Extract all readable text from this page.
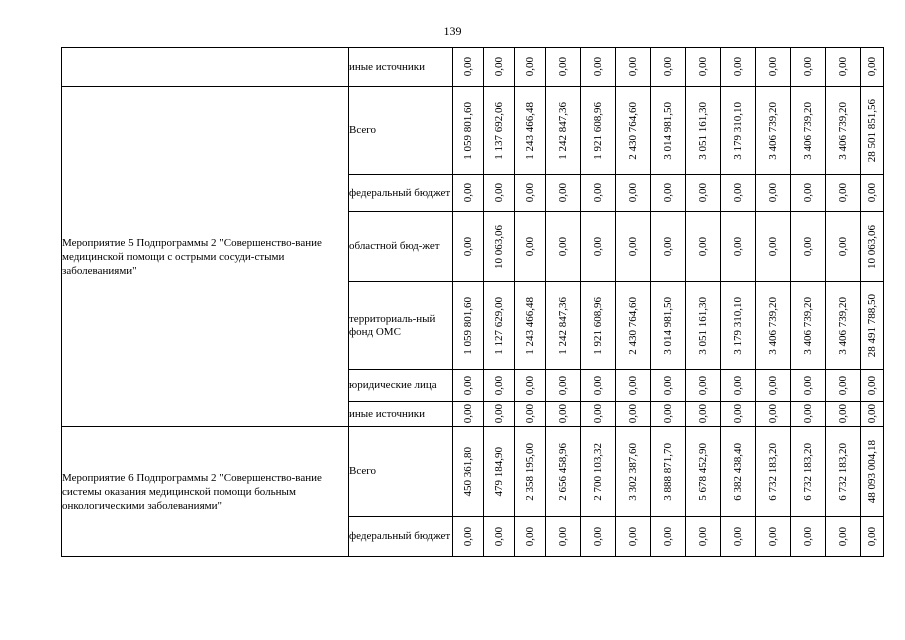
139
	иные источники	0,00	0,00	0,00	0,00	0,00	0,00	0,00	0,00	0,00	0,00	0,00	0,00	0,00

Мероприятие 5 Подпрограммы 2 "Совершенство-вание медицинской помощи с острыми сосуди-стыми заболеваниями"	Всего	1 059 801,60	1 137 692,06	1 243 466,48	1 242 847,36	1 921 608,96	2 430 764,60	3 014 981,50	3 051 161,30	3 179 310,10	3 406 739,20	3 406 739,20	3 406 739,20	28 501 851,56

	федеральный бюджет	0,00	0,00	0,00	0,00	0,00	0,00	0,00	0,00	0,00	0,00	0,00	0,00	0,00

	областной бюд-жет	0,00	10 063,06	0,00	0,00	0,00	0,00	0,00	0,00	0,00	0,00	0,00	0,00	10 063,06

	территориаль-ный фонд ОМС	1 059 801,60	1 127 629,00	1 243 466,48	1 242 847,36	1 921 608,96	2 430 764,60	3 014 981,50	3 051 161,30	3 179 310,10	3 406 739,20	3 406 739,20	3 406 739,20	28 491 788,50

	юридические лица	0,00	0,00	0,00	0,00	0,00	0,00	0,00	0,00	0,00	0,00	0,00	0,00	0,00

	иные источники	0,00	0,00	0,00	0,00	0,00	0,00	0,00	0,00	0,00	0,00	0,00	0,00	0,00

Мероприятие 6 Подпрограммы 2 "Совершенство-вание системы оказания медицинской помощи больным онкологическими заболеваниями"	Всего	450 361,80	479 184,90	2 358 195,00	2 656 458,96	2 700 103,32	3 302 387,60	3 888 871,70	5 678 452,90	6 382 438,40	6 732 183,20	6 732 183,20	6 732 183,20	48 093 004,18

	федеральный бюджет	0,00	0,00	0,00	0,00	0,00	0,00	0,00	0,00	0,00	0,00	0,00	0,00	0,00
